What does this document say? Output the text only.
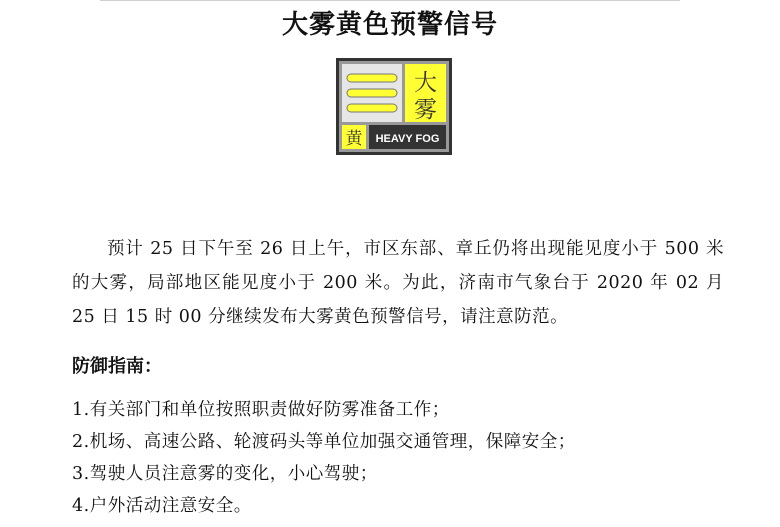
大雾黄色预警信号
大
雾
黄 HEAVY FOG

预计 25 日下午至 26 日上午，市区东部、章丘仍将出现能见度小于 500 米的大雾，局部地区能见度小于 200 米。为此，济南市气象台于 2020 年 02 月 25 日 15 时 00 分继续发布大雾黄色预警信号，请注意防范。

防御指南：
1.有关部门和单位按照职责做好防雾准备工作；
2.机场、高速公路、轮渡码头等单位加强交通管理，保障安全；
3.驾驶人员注意雾的变化，小心驾驶；
4.户外活动注意安全。
